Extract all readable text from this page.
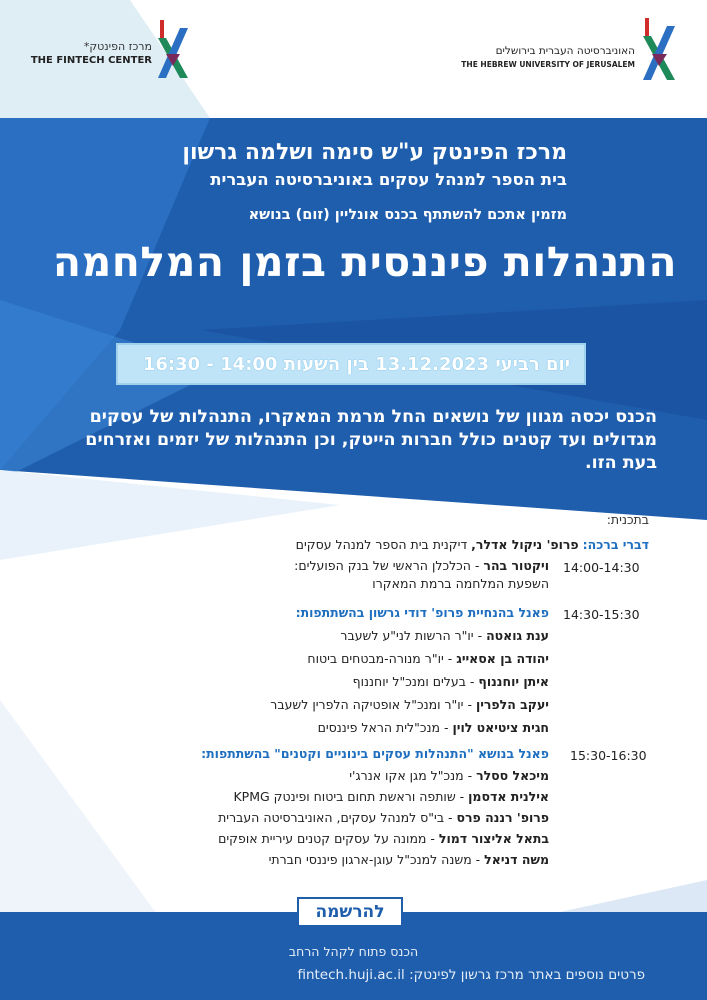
מרכז הפינטק*
THE FINTECH CENTER
האוניברסיטה העברית בירושלים
THE HEBREW UNIVERSITY OF JERUSALEM
מרכז הפינטק ע"ש סימה ושלמה גרשון
בית הספר למנהל עסקים באוניברסיטה העברית
מזמין אתכם להשתתף בכנס אונליין (זום) בנושא
התנהלות פיננסית בזמן המלחמה
יום רביעי 13.12.2023 בין השעות 14:00 - 16:30
הכנס יכסה מגוון של נושאים החל מרמת המאקרו, התנהלות של עסקים מגדולים ועד קטנים כולל חברות הייטק, וכן התנהלות של יזמים ואזרחים בעת הזו.
בתכנית:
דברי ברכה: פרופ' ניקול אדלר, דיקנית בית הספר למנהל עסקים
14:00-14:30
ויקטור בהר - הכלכלן הראשי של בנק הפועלים:
השפעת המלחמה ברמת המאקרו
14:30-15:30
פאנל בהנחיית פרופ' דודי גרשון בהשתתפות:
ענת גואטה - יו"ר הרשות לני"ע לשעבר
יהודה בן אסאייג - יו"ר מנורה-מבטחים ביטוח
איתן יוחננוף - בעלים ומנכ"ל יוחננוף
יעקב הלפרין - יו"ר ומנכ"ל אופטיקה הלפרין לשעבר
חגית ציטיאט לוין - מנכ"לית הראל פיננסים
15:30-16:30
פאנל בנושא "התנהלות עסקים בינוניים וקטנים" בהשתתפות:
מיכאל ססלר - מנכ"ל מגן אקו אנרג'י
אילנית אדסמן - שותפה וראשת תחום ביטוח ופינטק KPMG
פרופ' רננה פרס - בי"ס למנהל עסקים, האוניברסיטה העברית
בתאל אליצור דמול - ממונה על עסקים קטנים עיריית אופקים
משה דניאל - משנה למנכ"ל עוגן-ארגון פיננסי חברתי
להרשמה
הכנס פתוח לקהל הרחב
פרטים נוספים באתר מרכז גרשון לפינטק: fintech.huji.ac.il
